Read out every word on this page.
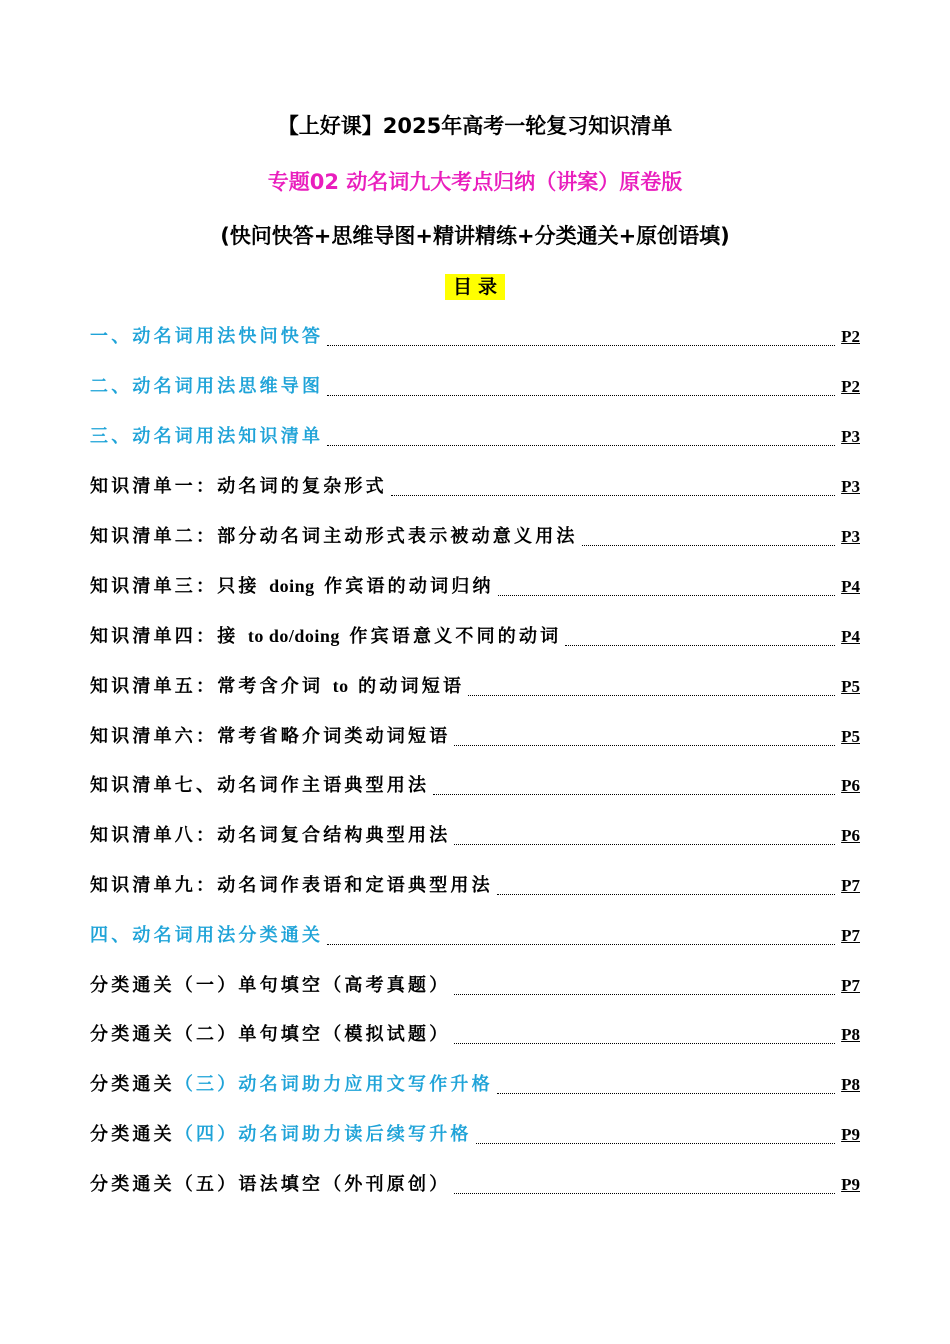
【上好课】2025年高考一轮复习知识清单
专题02 动名词九大考点归纳（讲案）原卷版
(快问快答+思维导图+精讲精练+分类通关+原创语填)
目录
一、动名词用法快问快答	P2
二、动名词用法思维导图	P2
三、动名词用法知识清单	P3
知识清单一：动名词的复杂形式	P3
知识清单二：部分动名词主动形式表示被动意义用法	P3
知识清单三：只接 doing 作宾语的动词归纳	P4
知识清单四：接 to do/doing 作宾语意义不同的动词	P4
知识清单五：常考含介词 to 的动词短语	P5
知识清单六：常考省略介词类动词短语	P5
知识清单七、动名词作主语典型用法	P6
知识清单八：动名词复合结构典型用法	P6
知识清单九：动名词作表语和定语典型用法	P7
四、动名词用法分类通关	P7
分类通关（一）单句填空（高考真题）	P7
分类通关（二）单句填空（模拟试题）	P8
分类通关（三）动名词助力应用文写作升格	P8
分类通关（四）动名词助力读后续写升格	P9
分类通关（五）语法填空（外刊原创）	P9
